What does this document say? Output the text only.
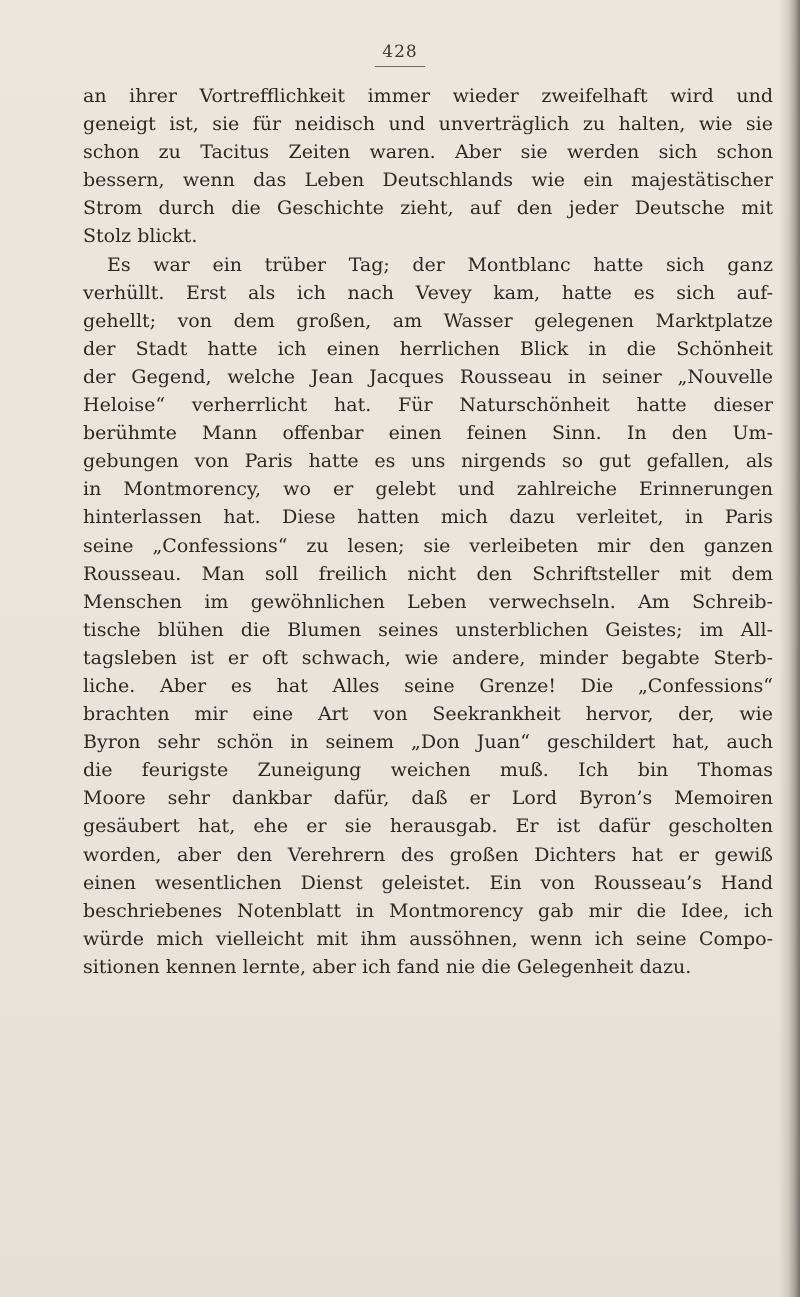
428
an ihrer Vortrefflichkeit immer wieder zweifelhaft wird und
geneigt ist, sie für neidisch und unverträglich zu halten, wie sie
schon zu Tacitus Zeiten waren. Aber sie werden sich schon
bessern, wenn das Leben Deutschlands wie ein majestätischer
Strom durch die Geschichte zieht, auf den jeder Deutsche mit
Stolz blickt.
Es war ein trüber Tag; der Montblanc hatte sich ganz
verhüllt. Erst als ich nach Vevey kam, hatte es sich auf-
gehellt; von dem großen, am Wasser gelegenen Marktplatze
der Stadt hatte ich einen herrlichen Blick in die Schönheit
der Gegend, welche Jean Jacques Rousseau in seiner „Nouvelle
Heloise“ verherrlicht hat. Für Naturschönheit hatte dieser
berühmte Mann offenbar einen feinen Sinn. In den Um-
gebungen von Paris hatte es uns nirgends so gut gefallen, als
in Montmorency, wo er gelebt und zahlreiche Erinnerungen
hinterlassen hat. Diese hatten mich dazu verleitet, in Paris
seine „Confessions“ zu lesen; sie verleibeten mir den ganzen
Rousseau. Man soll freilich nicht den Schriftsteller mit dem
Menschen im gewöhnlichen Leben verwechseln. Am Schreib-
tische blühen die Blumen seines unsterblichen Geistes; im All-
tagsleben ist er oft schwach, wie andere, minder begabte Sterb-
liche. Aber es hat Alles seine Grenze! Die „Confessions“
brachten mir eine Art von Seekrankheit hervor, der, wie
Byron sehr schön in seinem „Don Juan“ geschildert hat, auch
die feurigste Zuneigung weichen muß. Ich bin Thomas
Moore sehr dankbar dafür, daß er Lord Byron’s Memoiren
gesäubert hat, ehe er sie herausgab. Er ist dafür gescholten
worden, aber den Verehrern des großen Dichters hat er gewiß
einen wesentlichen Dienst geleistet. Ein von Rousseau’s Hand
beschriebenes Notenblatt in Montmorency gab mir die Idee, ich
würde mich vielleicht mit ihm aussöhnen, wenn ich seine Compo-
sitionen kennen lernte, aber ich fand nie die Gelegenheit dazu.
